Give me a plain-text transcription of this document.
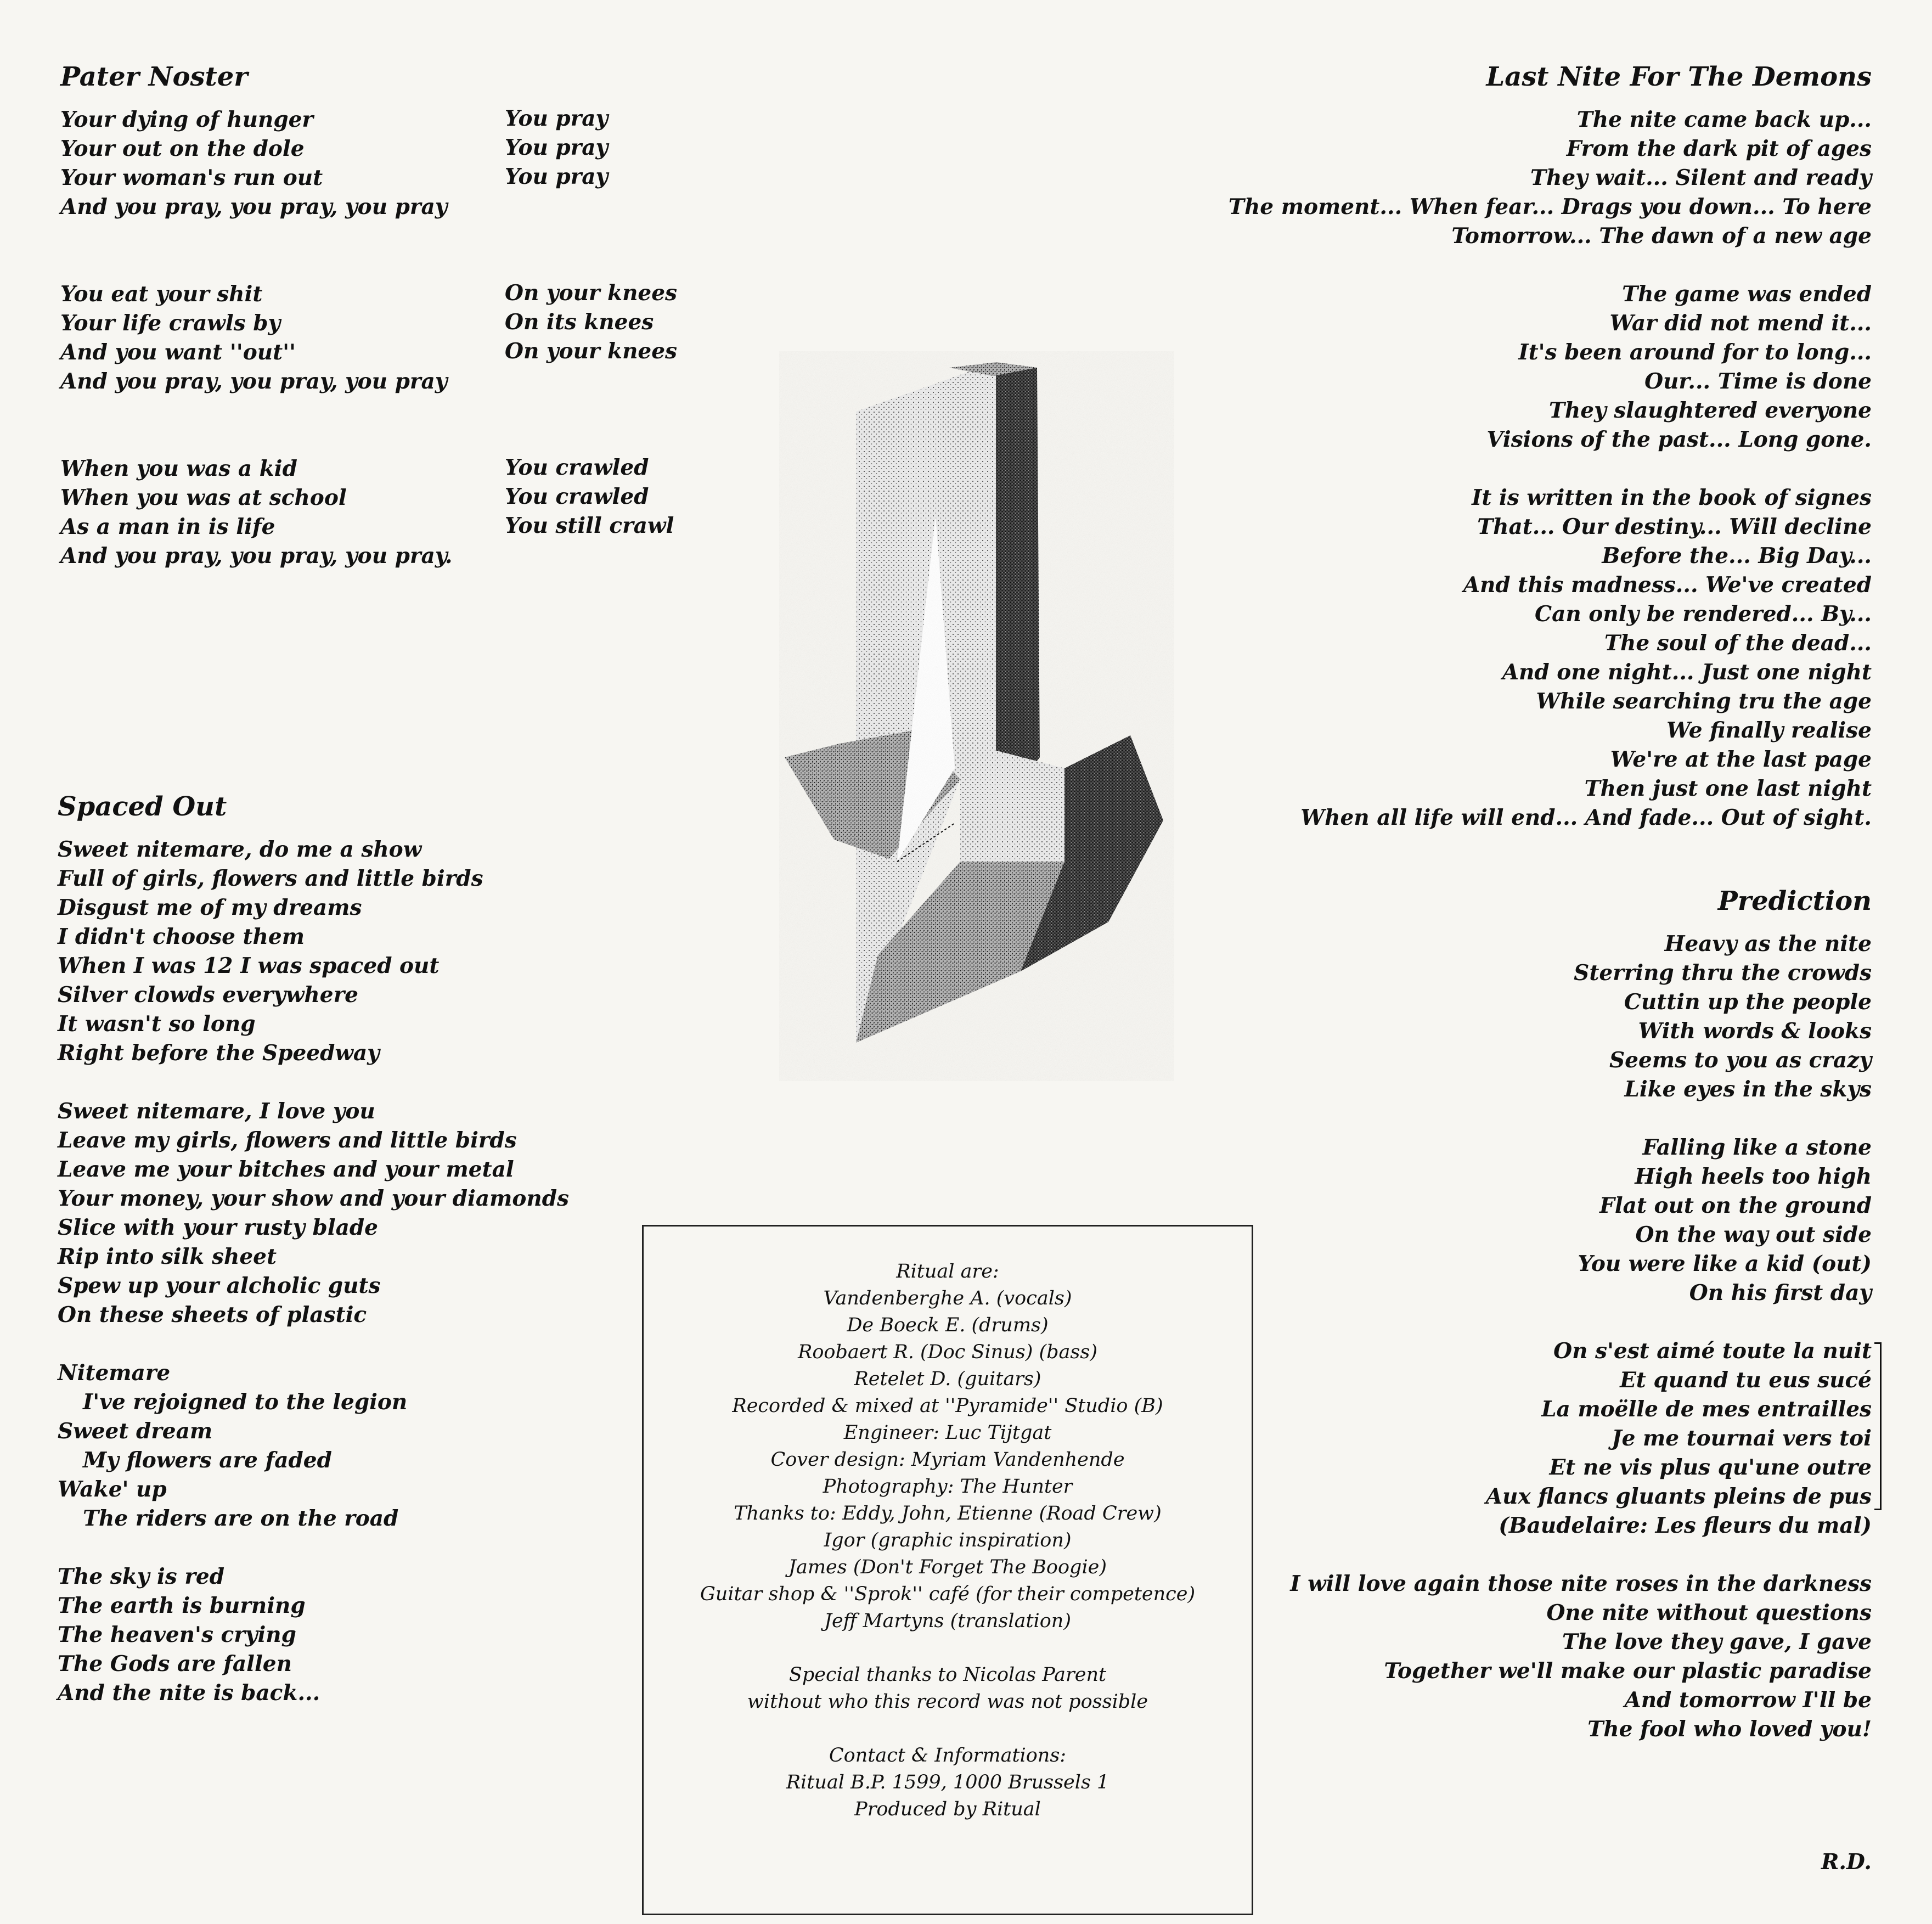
Pater Noster
Your dying of hunger
Your out on the dole
Your woman's run out
And you pray, you pray, you pray
You eat your shit
Your life crawls by
And you want ''out''
And you pray, you pray, you pray
When you was a kid
When you was at school
As a man in is life
And you pray, you pray, you pray.
You pray
You pray
You pray
On your knees
On its knees
On your knees
You crawled
You crawled
You still crawl
Spaced Out
Sweet nitemare, do me a show
Full of girls, flowers and little birds
Disgust me of my dreams
I didn't choose them
When I was 12 I was spaced out
Silver clowds everywhere
It wasn't so long
Right before the Speedway
Sweet nitemare, I love you
Leave my girls, flowers and little birds
Leave me your bitches and your metal
Your money, your show and your diamonds
Slice with your rusty blade
Rip into silk sheet
Spew up your alcholic guts
On these sheets of plastic
Nitemare
I've rejoigned to the legion
Sweet dream
My flowers are faded
Wake' up
The riders are on the road
The sky is red
The earth is burning
The heaven's crying
The Gods are fallen
And the nite is back...
Last Nite For The Demons
The nite came back up...
From the dark pit of ages
They wait... Silent and ready
The moment... When fear... Drags you down... To here
Tomorrow... The dawn of a new age
The game was ended
War did not mend it...
It's been around for to long...
Our... Time is done
They slaughtered everyone
Visions of the past... Long gone.
It is written in the book of signes
That... Our destiny... Will decline
Before the... Big Day...
And this madness... We've created
Can only be rendered... By...
The soul of the dead...
And one night... Just one night
While searching tru the age
We finally realise
We're at the last page
Then just one last night
When all life will end... And fade... Out of sight.
Prediction
Heavy as the nite
Sterring thru the crowds
Cuttin up the people
With words & looks
Seems to you as crazy
Like eyes in the skys
Falling like a stone
High heels too high
Flat out on the ground
On the way out side
You were like a kid (out)
On his first day
On s'est aimé toute la nuit
Et quand tu eus sucé
La moëlle de mes entrailles
Je me tournai vers toi
Et ne vis plus qu'une outre
Aux flancs gluants pleins de pus
(Baudelaire: Les fleurs du mal)
I will love again those nite roses in the darkness
One nite without questions
The love they gave, I gave
Together we'll make our plastic paradise
And tomorrow I'll be
The fool who loved you!
Ritual are:
Vandenberghe A. (vocals)
De Boeck E. (drums)
Roobaert R. (Doc Sinus) (bass)
Retelet D. (guitars)
Recorded & mixed at ''Pyramide'' Studio (B)
Engineer: Luc Tijtgat
Cover design: Myriam Vandenhende
Photography: The Hunter
Thanks to: Eddy, John, Etienne (Road Crew)
Igor (graphic inspiration)
James (Don't Forget The Boogie)
Guitar shop & ''Sprok'' café (for their competence)
Jeff Martyns (translation)
Special thanks to Nicolas Parent
without who this record was not possible
Contact & Informations:
Ritual B.P. 1599, 1000 Brussels 1
Produced by Ritual
R.D.
